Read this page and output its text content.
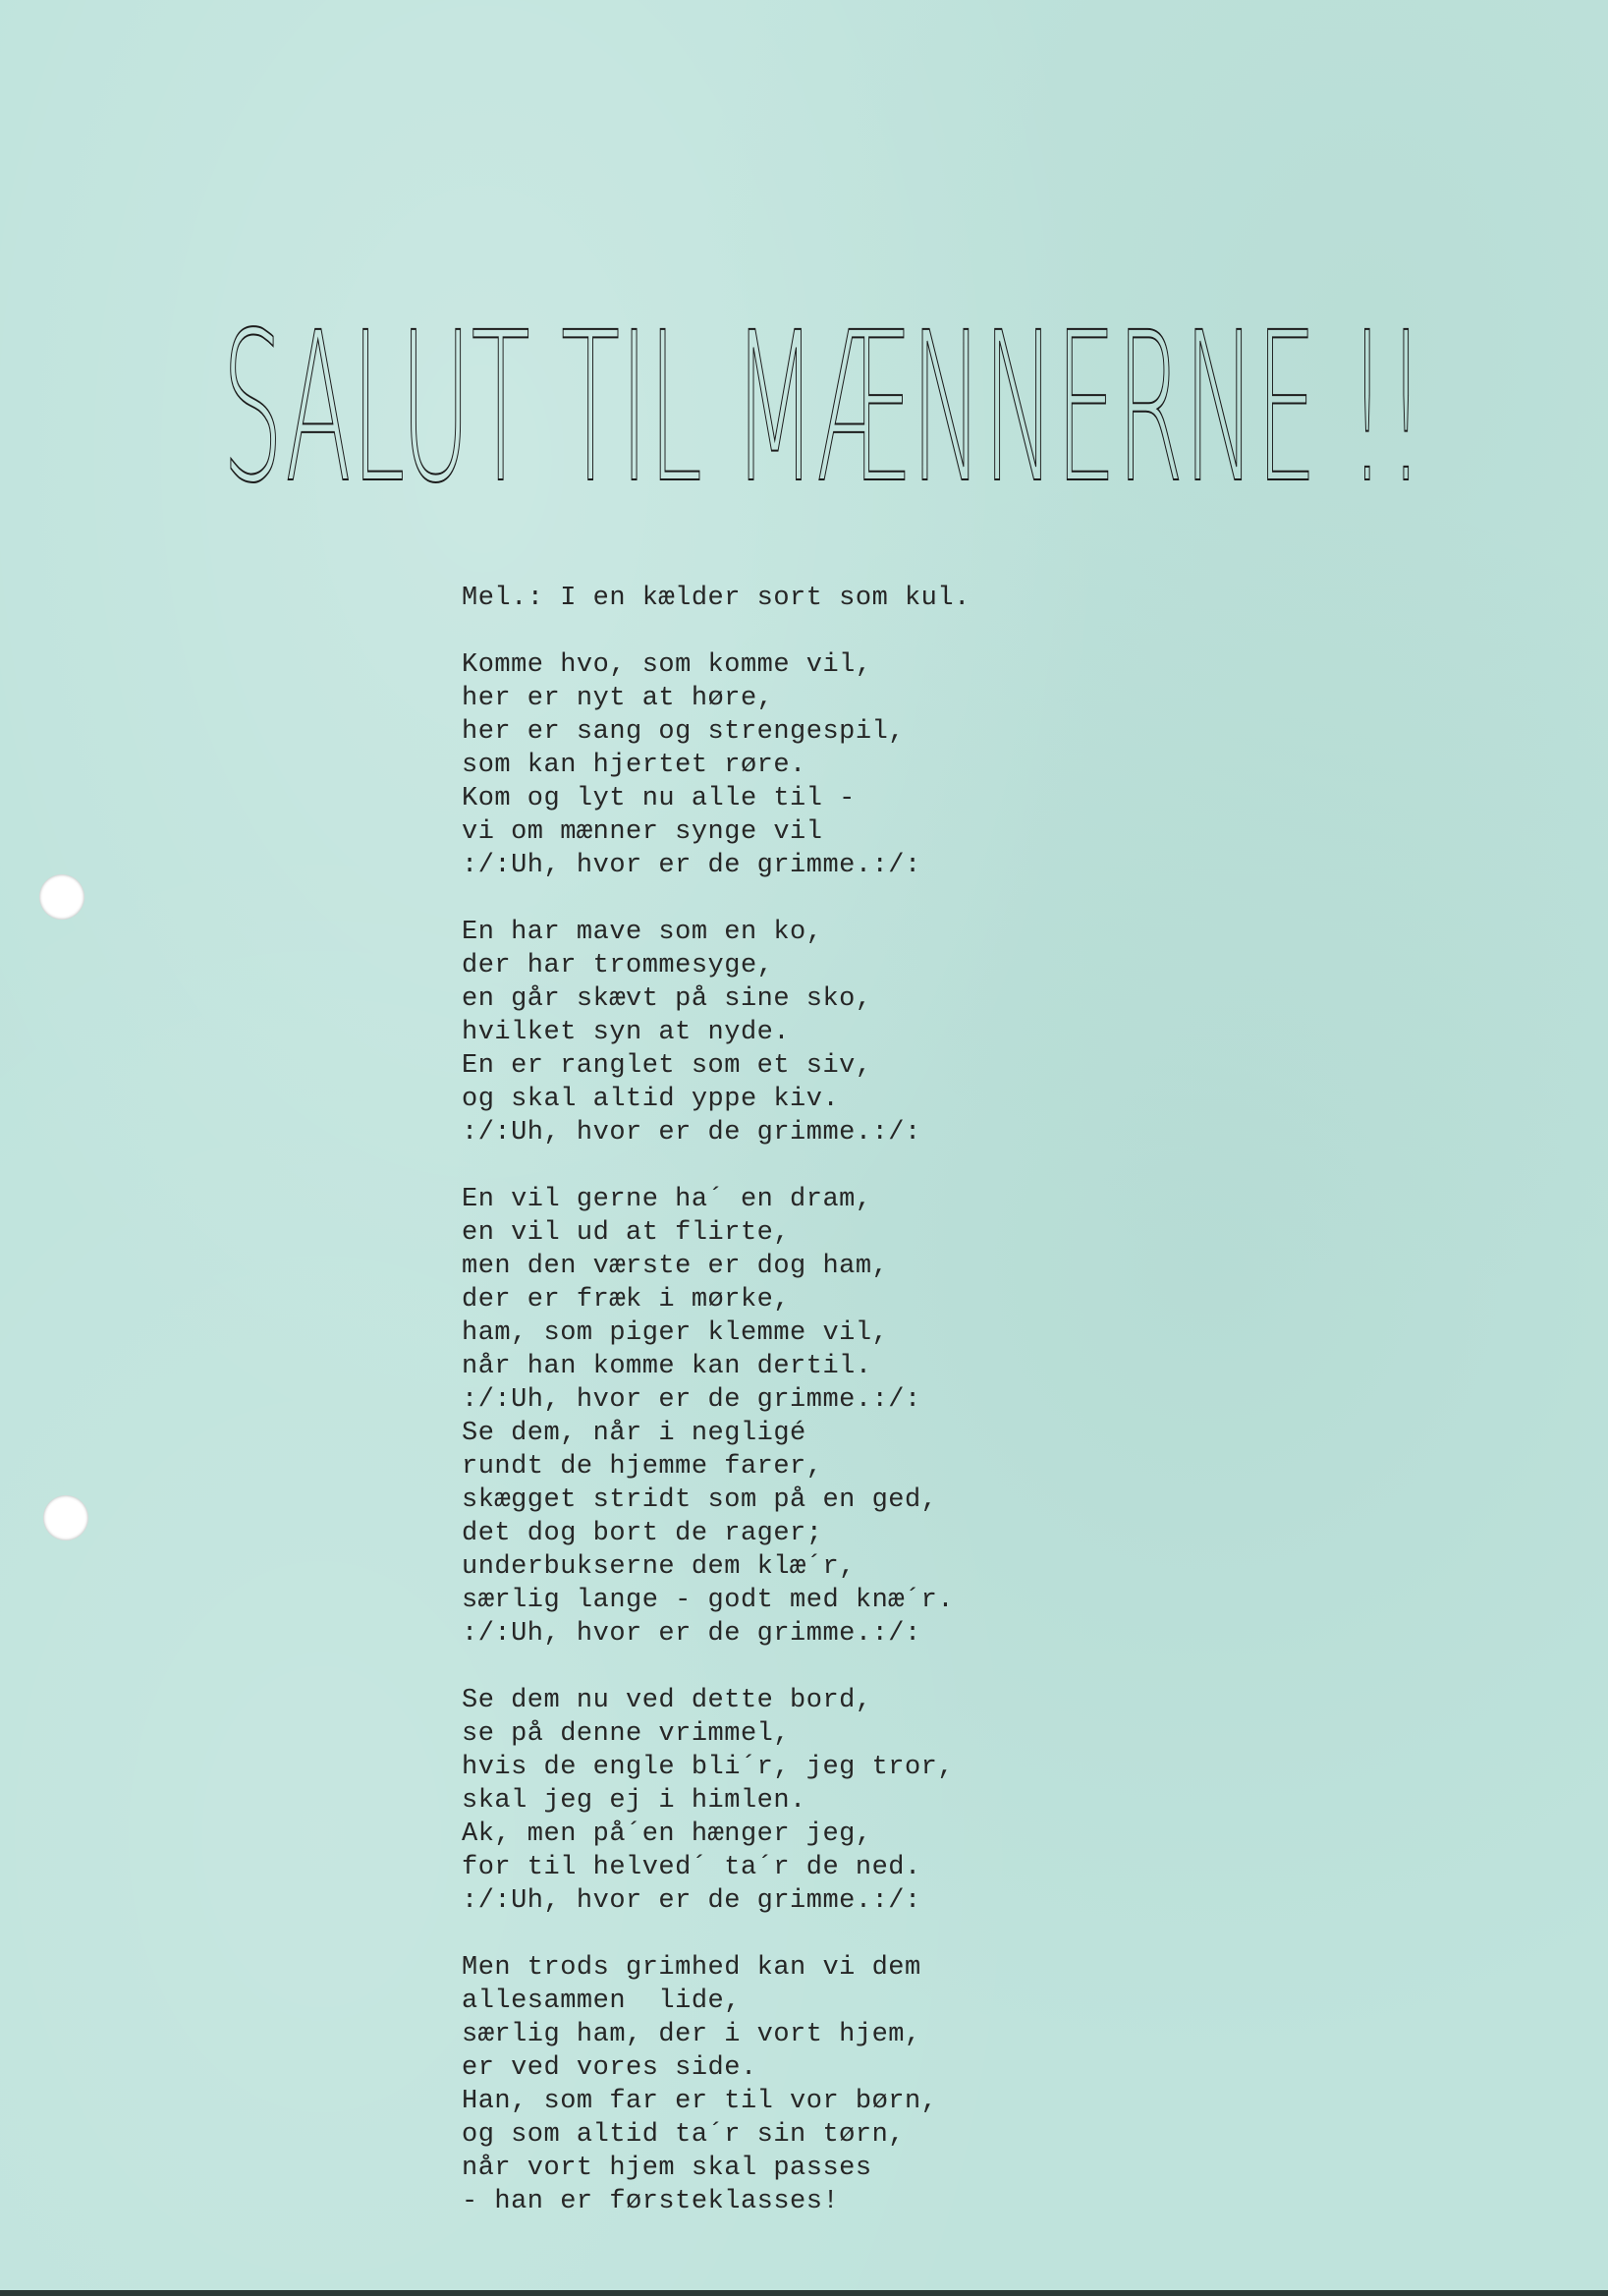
SALUT TIL MÆNNERNE !!
Mel.: I en kælder sort som kul.
Komme hvo, som komme vil,
her er nyt at høre,
her er sang og strengespil,
som kan hjertet røre.
Kom og lyt nu alle til -
vi om mænner synge vil
:/:Uh, hvor er de grimme.:/:
En har mave som en ko,
der har trommesyge,
en går skævt på sine sko,
hvilket syn at nyde.
En er ranglet som et siv,
og skal altid yppe kiv.
:/:Uh, hvor er de grimme.:/:
En vil gerne ha´ en dram,
en vil ud at flirte,
men den værste er dog ham,
der er fræk i mørke,
ham, som piger klemme vil,
når han komme kan dertil.
:/:Uh, hvor er de grimme.:/:
Se dem, når i negligé
rundt de hjemme farer,
skægget stridt som på en ged,
det dog bort de rager;
underbukserne dem klæ´r,
særlig lange - godt med knæ´r.
:/:Uh, hvor er de grimme.:/:
Se dem nu ved dette bord,
se på denne vrimmel,
hvis de engle bli´r, jeg tror,
skal jeg ej i himlen.
Ak, men på´en hænger jeg,
for til helved´ ta´r de ned.
:/:Uh, hvor er de grimme.:/:
Men trods grimhed kan vi dem
allesammen  lide,
særlig ham, der i vort hjem,
er ved vores side.
Han, som far er til vor børn,
og som altid ta´r sin tørn,
når vort hjem skal passes
- han er førsteklasses!
